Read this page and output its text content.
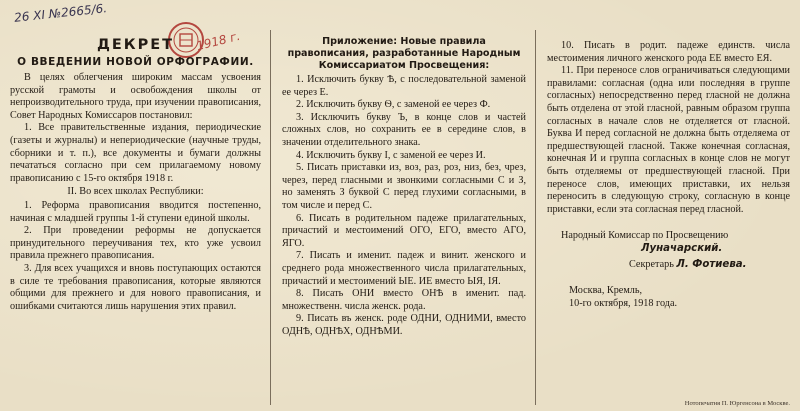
26 XI №2665/6.
1918 г.
ДЕКРЕТ
О ВВЕДЕНИИ НОВОЙ ОРФОГРАФИИ.

В целях облегчения широким массам усвоения русской грамоты и освобождения школы от непроизводительного труда, при изучении правописания, Совет Народных Комиссаров постановил:

1. Все правительственные издания, периодические (газеты и журналы) и непериодические (научные труды, сборники и т. п.), все документы и бумаги должны печататься согласно при сем прилагаемому новому правописанию с 15-го октября 1918 г.

II. Во всех школах Республики:

1. Реформа правописания вводится постепенно, начиная с младшей группы 1-й ступени единой школы.

2. При проведении реформы не допускается принудительного переучивания тех, кто уже усвоил правила прежнего правописания.

3. Для всех учащихся и вновь поступающих остаются в силе те требования правописания, которые являются общими для прежнего и для нового правописания, и ошибками считаются лишь нарушения этих правил.

Приложение: Новые правила правописания, разработанные Народным Комиссариатом Просвещения:

1. Исключить букву Ѣ, с последовательной заменой ее через Е.

2. Исключить букву Ѳ, с заменой ее через Ф.

3. Исключить букву Ъ, в конце слов и частей сложных слов, но сохранить ее в середине слов, в значении отделительного знака.

4. Исключить букву I, с заменой ее через И.

5. Писать приставки из, воз, раз, роз, низ, без, чрез, через, перед гласными и звонкими согласными С и З, но заменять З буквой С перед глухими согласными, в том числе и перед С.

6. Писать в родительном падеже прилагательных, причастий и местоимений ОГО, ЕГО, вместо АГО, ЯГО.

7. Писать и именит. падеж и винит. женского и среднего рода множественного числа прилагательных, причастий и местоимений ЫЕ. ИЕ вместо ЫЯ, ІЯ.

8. Писать ОНИ вместо ОНѢ в именит. пад. множественн. числа женск. рода.

9. Писать въ женск. роде ОДНИ, ОДНИМИ, вместо ОДНѢ, ОДНѢХ, ОДНѢМИ.

10. Писать в родит. падеже единств. числа местоимения личного женского рода ЕЕ вместо ЕЯ.

11. При переносе слов ограничиваться следующими правилами: согласная (одна или последняя в группе согласных) непосредственно перед гласной не должна быть отделена от этой гласной, равным образом группа согласных в начале слов не отделяется от гласной. Буква И перед согласной не должна быть отделяема от предшествующей гласной. Также конечная согласная, конечная И и группа согласных в конце слов не могут быть отделяемы от предшествующей гласной. При переносе слов, имеющих приставки, их нельзя переносить в следующую строку, согласную в конце приставки, если эта согласная перед гласной.

Народный Комиссар по Просвещению
Луначарский.
Секретарь Л. Фотиева.
Москва, Кремль,
10-го октября, 1918 года.
Нотопечатня П. Юргенсона в Москве.
